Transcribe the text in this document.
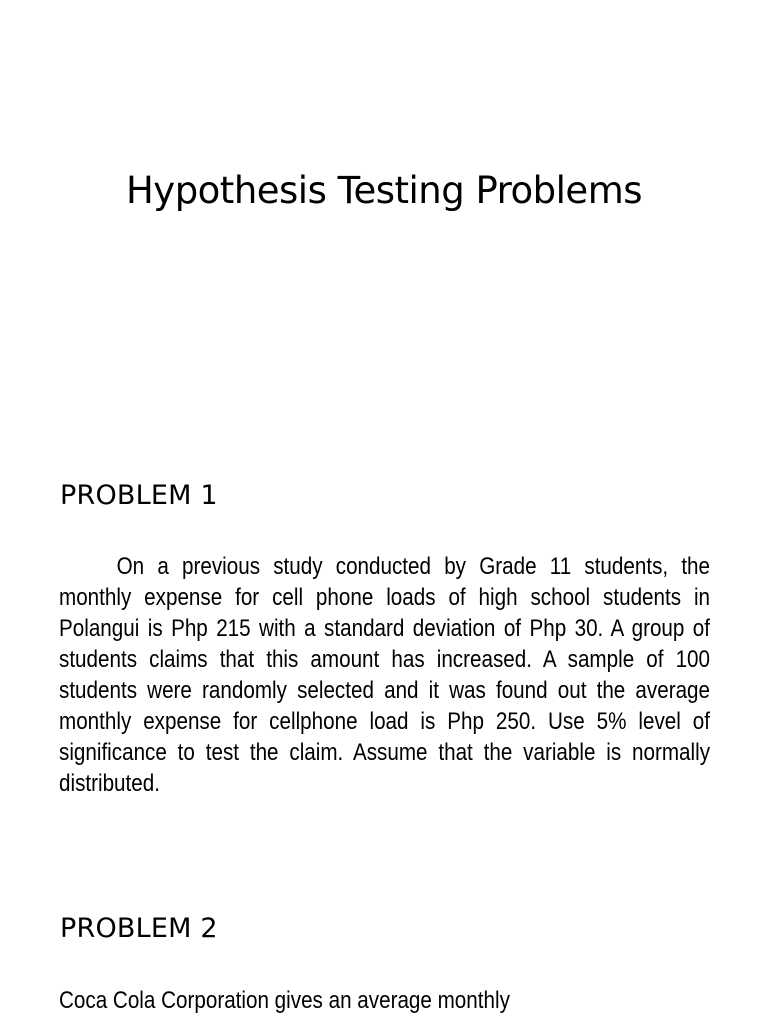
Hypothesis Testing Problems
PROBLEM 1

On a previous study conducted by Grade 11 students, the monthly expense for cell phone loads of high school students in Polangui is Php 215 with a standard deviation of Php 30. A group of students claims that this amount has increased. A sample of 100 students were randomly selected and it was found out the average monthly expense for cellphone load is Php 250. Use 5% level of significance to test the claim. Assume that the variable is normally distributed.

PROBLEM 2

Coca Cola Corporation gives an average monthly
